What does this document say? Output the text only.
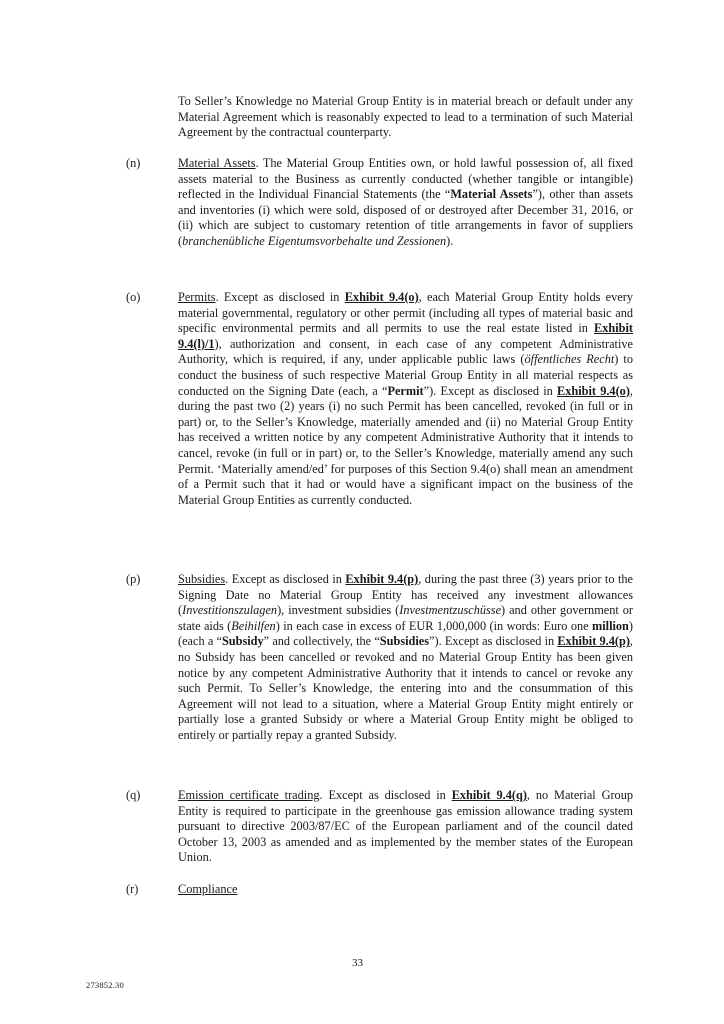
To Seller’s Knowledge no Material Group Entity is in material breach or default under any Material Agreement which is reasonably expected to lead to a termination of such Material Agreement by the contractual counterparty.

(n)	Material Assets. The Material Group Entities own, or hold lawful possession of, all fixed assets material to the Business as currently conducted (whether tangible or intangible) reflected in the Individual Financial Statements (the “Material Assets”), other than assets and inventories (i) which were sold, disposed of or destroyed after December 31, 2016, or (ii) which are subject to customary retention of title arrangements in favor of suppliers (branchenübliche Eigentumsvorbehalte und Zessionen).

(o)	Permits. Except as disclosed in Exhibit 9.4(o), each Material Group Entity holds every material governmental, regulatory or other permit (including all types of material basic and specific environmental permits and all permits to use the real estate listed in Exhibit 9.4(l)/1), authorization and consent, in each case of any competent Administrative Authority, which is required, if any, under applicable public laws (öffentliches Recht) to conduct the business of such respective Material Group Entity in all material respects as conducted on the Signing Date (each, a “Permit”). Except as disclosed in Exhibit 9.4(o), during the past two (2) years (i) no such Permit has been cancelled, revoked (in full or in part) or, to the Seller’s Knowledge, materially amended and (ii) no Material Group Entity has received a written notice by any competent Administrative Authority that it intends to cancel, revoke (in full or in part) or, to the Seller’s Knowledge, materially amend any such Permit. ‘Materially amend/ed’ for purposes of this Section 9.4(o) shall mean an amendment of a Permit such that it had or would have a significant impact on the business of the Material Group Entities as currently conducted.

(p)	Subsidies. Except as disclosed in Exhibit 9.4(p), during the past three (3) years prior to the Signing Date no Material Group Entity has received any investment allowances (Investitionszulagen), investment subsidies (Investmentzuschüsse) and other government or state aids (Beihilfen) in each case in excess of EUR 1,000,000 (in words: Euro one million) (each a “Subsidy” and collectively, the “Subsidies”). Except as disclosed in Exhibit 9.4(p), no Subsidy has been cancelled or revoked and no Material Group Entity has been given notice by any competent Administrative Authority that it intends to cancel or revoke any such Permit. To Seller’s Knowledge, the entering into and the consummation of this Agreement will not lead to a situation, where a Material Group Entity might entirely or partially lose a granted Subsidy or where a Material Group Entity might be obliged to entirely or partially repay a granted Subsidy.

(q)	Emission certificate trading. Except as disclosed in Exhibit 9.4(q), no Material Group Entity is required to participate in the greenhouse gas emission allowance trading system pursuant to directive 2003/87/EC of the European parliament and of the council dated October 13, 2003 as amended and as implemented by the member states of the European Union.

(r)	Compliance

33
273852.30
